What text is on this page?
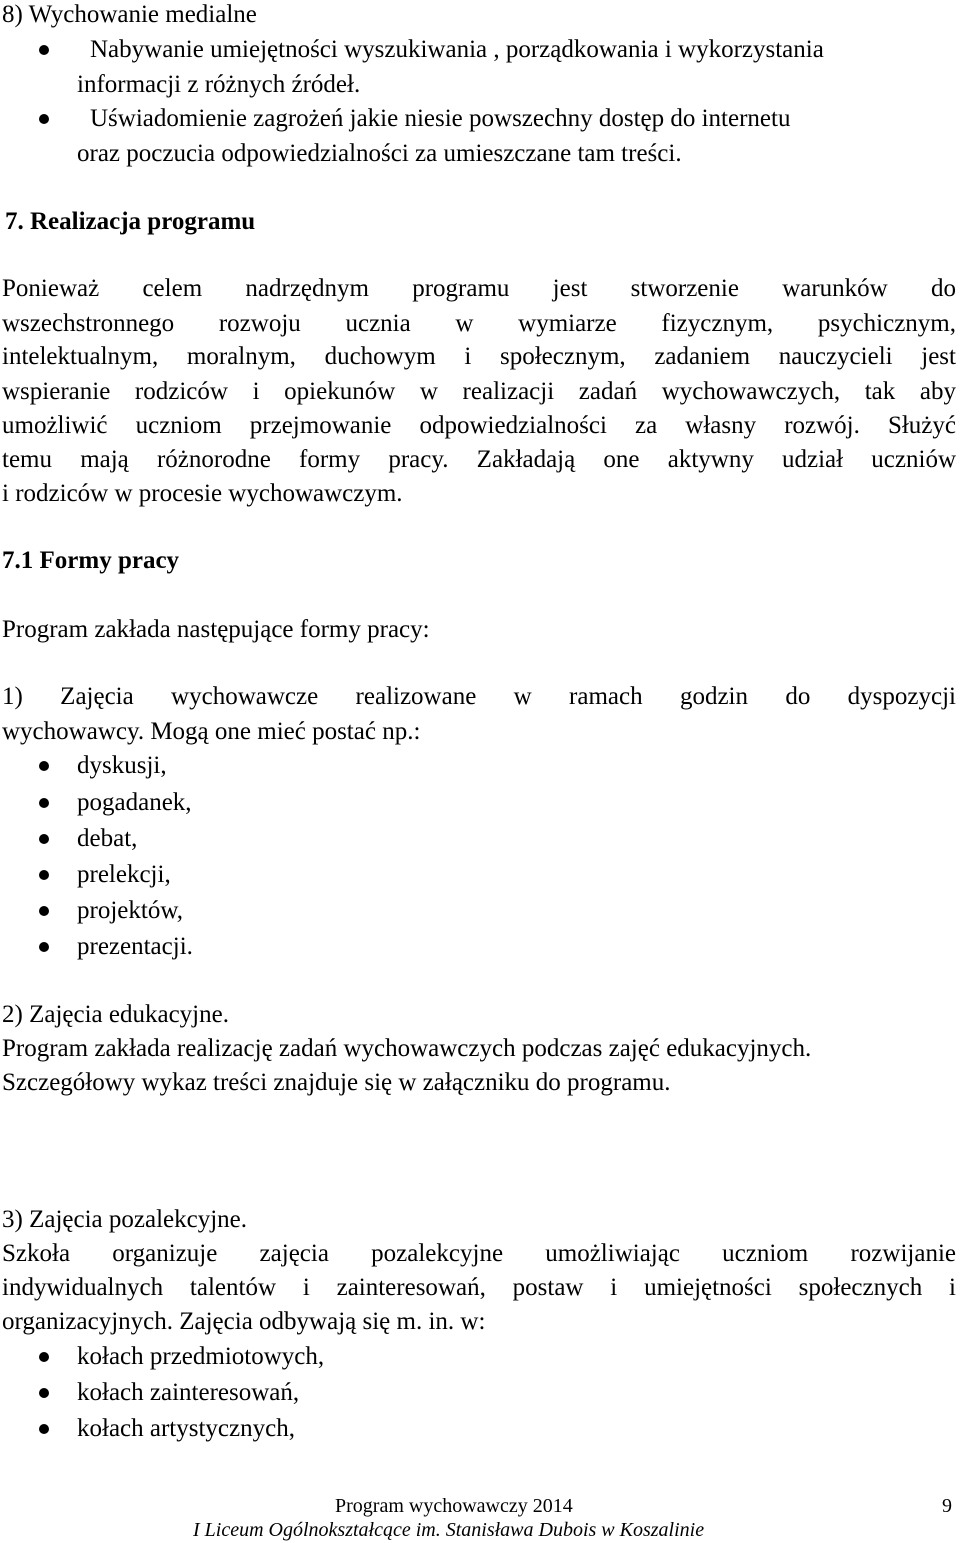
8) Wychowanie medialne
Nabywanie umiejętności wyszukiwania , porządkowania i wykorzystania
informacji z różnych źródeł.
Uświadomienie zagrożeń jakie niesie powszechny dostęp do internetu
oraz poczucia odpowiedzialności za umieszczane tam treści.
7. Realizacja programu
Ponieważ celem nadrzędnym programu jest stworzenie warunków do
wszechstronnego rozwoju ucznia w wymiarze fizycznym, psychicznym,
intelektualnym, moralnym, duchowym i społecznym, zadaniem nauczycieli jest
wspieranie rodziców i opiekunów w realizacji zadań wychowawczych, tak aby
umożliwić uczniom przejmowanie odpowiedzialności za własny rozwój. Służyć
temu mają różnorodne formy pracy. Zakładają one aktywny udział uczniów
i rodziców w procesie wychowawczym.
7.1 Formy pracy
Program zakłada następujące formy pracy:
1) Zajęcia wychowawcze realizowane w ramach godzin do dyspozycji
wychowawcy. Mogą one mieć postać np.:
dyskusji,
pogadanek,
debat,
prelekcji,
projektów,
prezentacji.
2) Zajęcia edukacyjne.
Program zakłada realizację zadań wychowawczych podczas zajęć edukacyjnych.
Szczegółowy wykaz treści znajduje się w załączniku do programu.
3) Zajęcia pozalekcyjne.
Szkoła organizuje zajęcia pozalekcyjne umożliwiając uczniom rozwijanie
indywidualnych talentów i zainteresowań, postaw i umiejętności społecznych i
organizacyjnych. Zajęcia odbywają się m. in. w:
kołach przedmiotowych,
kołach zainteresowań,
kołach artystycznych,
Program wychowawczy 2014	9
I Liceum Ogólnokształcące im. Stanisława Dubois w Koszalinie
